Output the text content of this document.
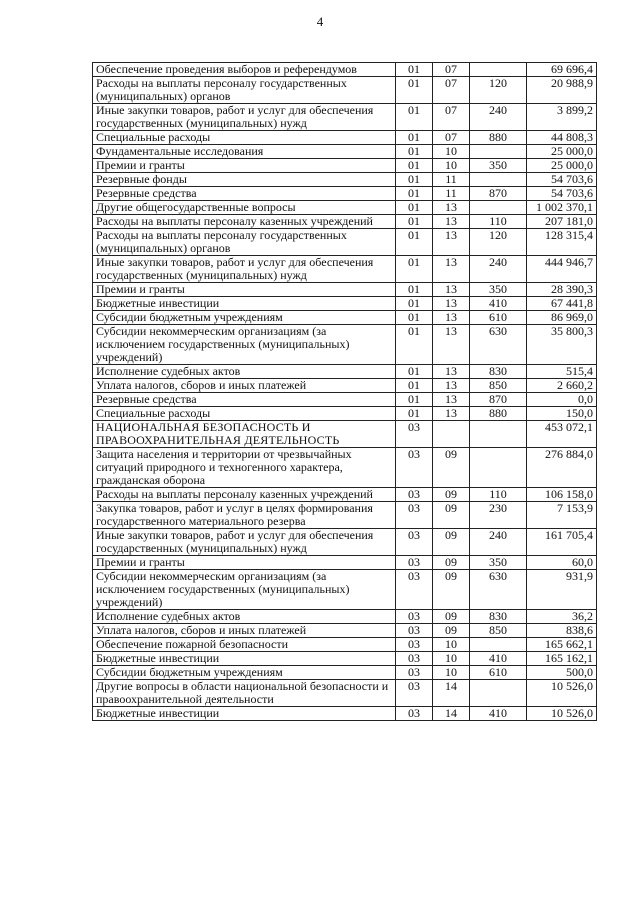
4
Обеспечение проведения выборов и референдумов	01	07		69 696,4
Расходы на выплаты персоналу государственных (муниципальных) органов	01	07	120	20 988,9
Иные закупки товаров, работ и услуг для обеспечения государственных (муниципальных) нужд	01	07	240	3 899,2
Специальные расходы	01	07	880	44 808,3
Фундаментальные исследования	01	10		25 000,0
Премии и гранты	01	10	350	25 000,0
Резервные фонды	01	11		54 703,6
Резервные средства	01	11	870	54 703,6
Другие общегосударственные вопросы	01	13		1 002 370,1
Расходы на выплаты персоналу казенных учреждений	01	13	110	207 181,0
Расходы на выплаты персоналу государственных (муниципальных) органов	01	13	120	128 315,4
Иные закупки товаров, работ и услуг для обеспечения государственных (муниципальных) нужд	01	13	240	444 946,7
Премии и гранты	01	13	350	28 390,3
Бюджетные инвестиции	01	13	410	67 441,8
Субсидии бюджетным учреждениям	01	13	610	86 969,0
Субсидии некоммерческим организациям (за исключением государственных (муниципальных) учреждений)	01	13	630	35 800,3
Исполнение судебных актов	01	13	830	515,4
Уплата налогов, сборов и иных платежей	01	13	850	2 660,2
Резервные средства	01	13	870	0,0
Специальные расходы	01	13	880	150,0
НАЦИОНАЛЬНАЯ БЕЗОПАСНОСТЬ И ПРАВООХРАНИТЕЛЬНАЯ ДЕЯТЕЛЬНОСТЬ	03			453 072,1
Защита населения и территории от чрезвычайных ситуаций природного и техногенного характера, гражданская оборона	03	09		276 884,0
Расходы на выплаты персоналу казенных учреждений	03	09	110	106 158,0
Закупка товаров, работ и услуг в целях формирования государственного материального резерва	03	09	230	7 153,9
Иные закупки товаров, работ и услуг для обеспечения государственных (муниципальных) нужд	03	09	240	161 705,4
Премии и гранты	03	09	350	60,0
Субсидии некоммерческим организациям (за исключением государственных (муниципальных) учреждений)	03	09	630	931,9
Исполнение судебных актов	03	09	830	36,2
Уплата налогов, сборов и иных платежей	03	09	850	838,6
Обеспечение пожарной безопасности	03	10		165 662,1
Бюджетные инвестиции	03	10	410	165 162,1
Субсидии бюджетным учреждениям	03	10	610	500,0
Другие вопросы в области национальной безопасности и правоохранительной деятельности	03	14		10 526,0
Бюджетные инвестиции	03	14	410	10 526,0
